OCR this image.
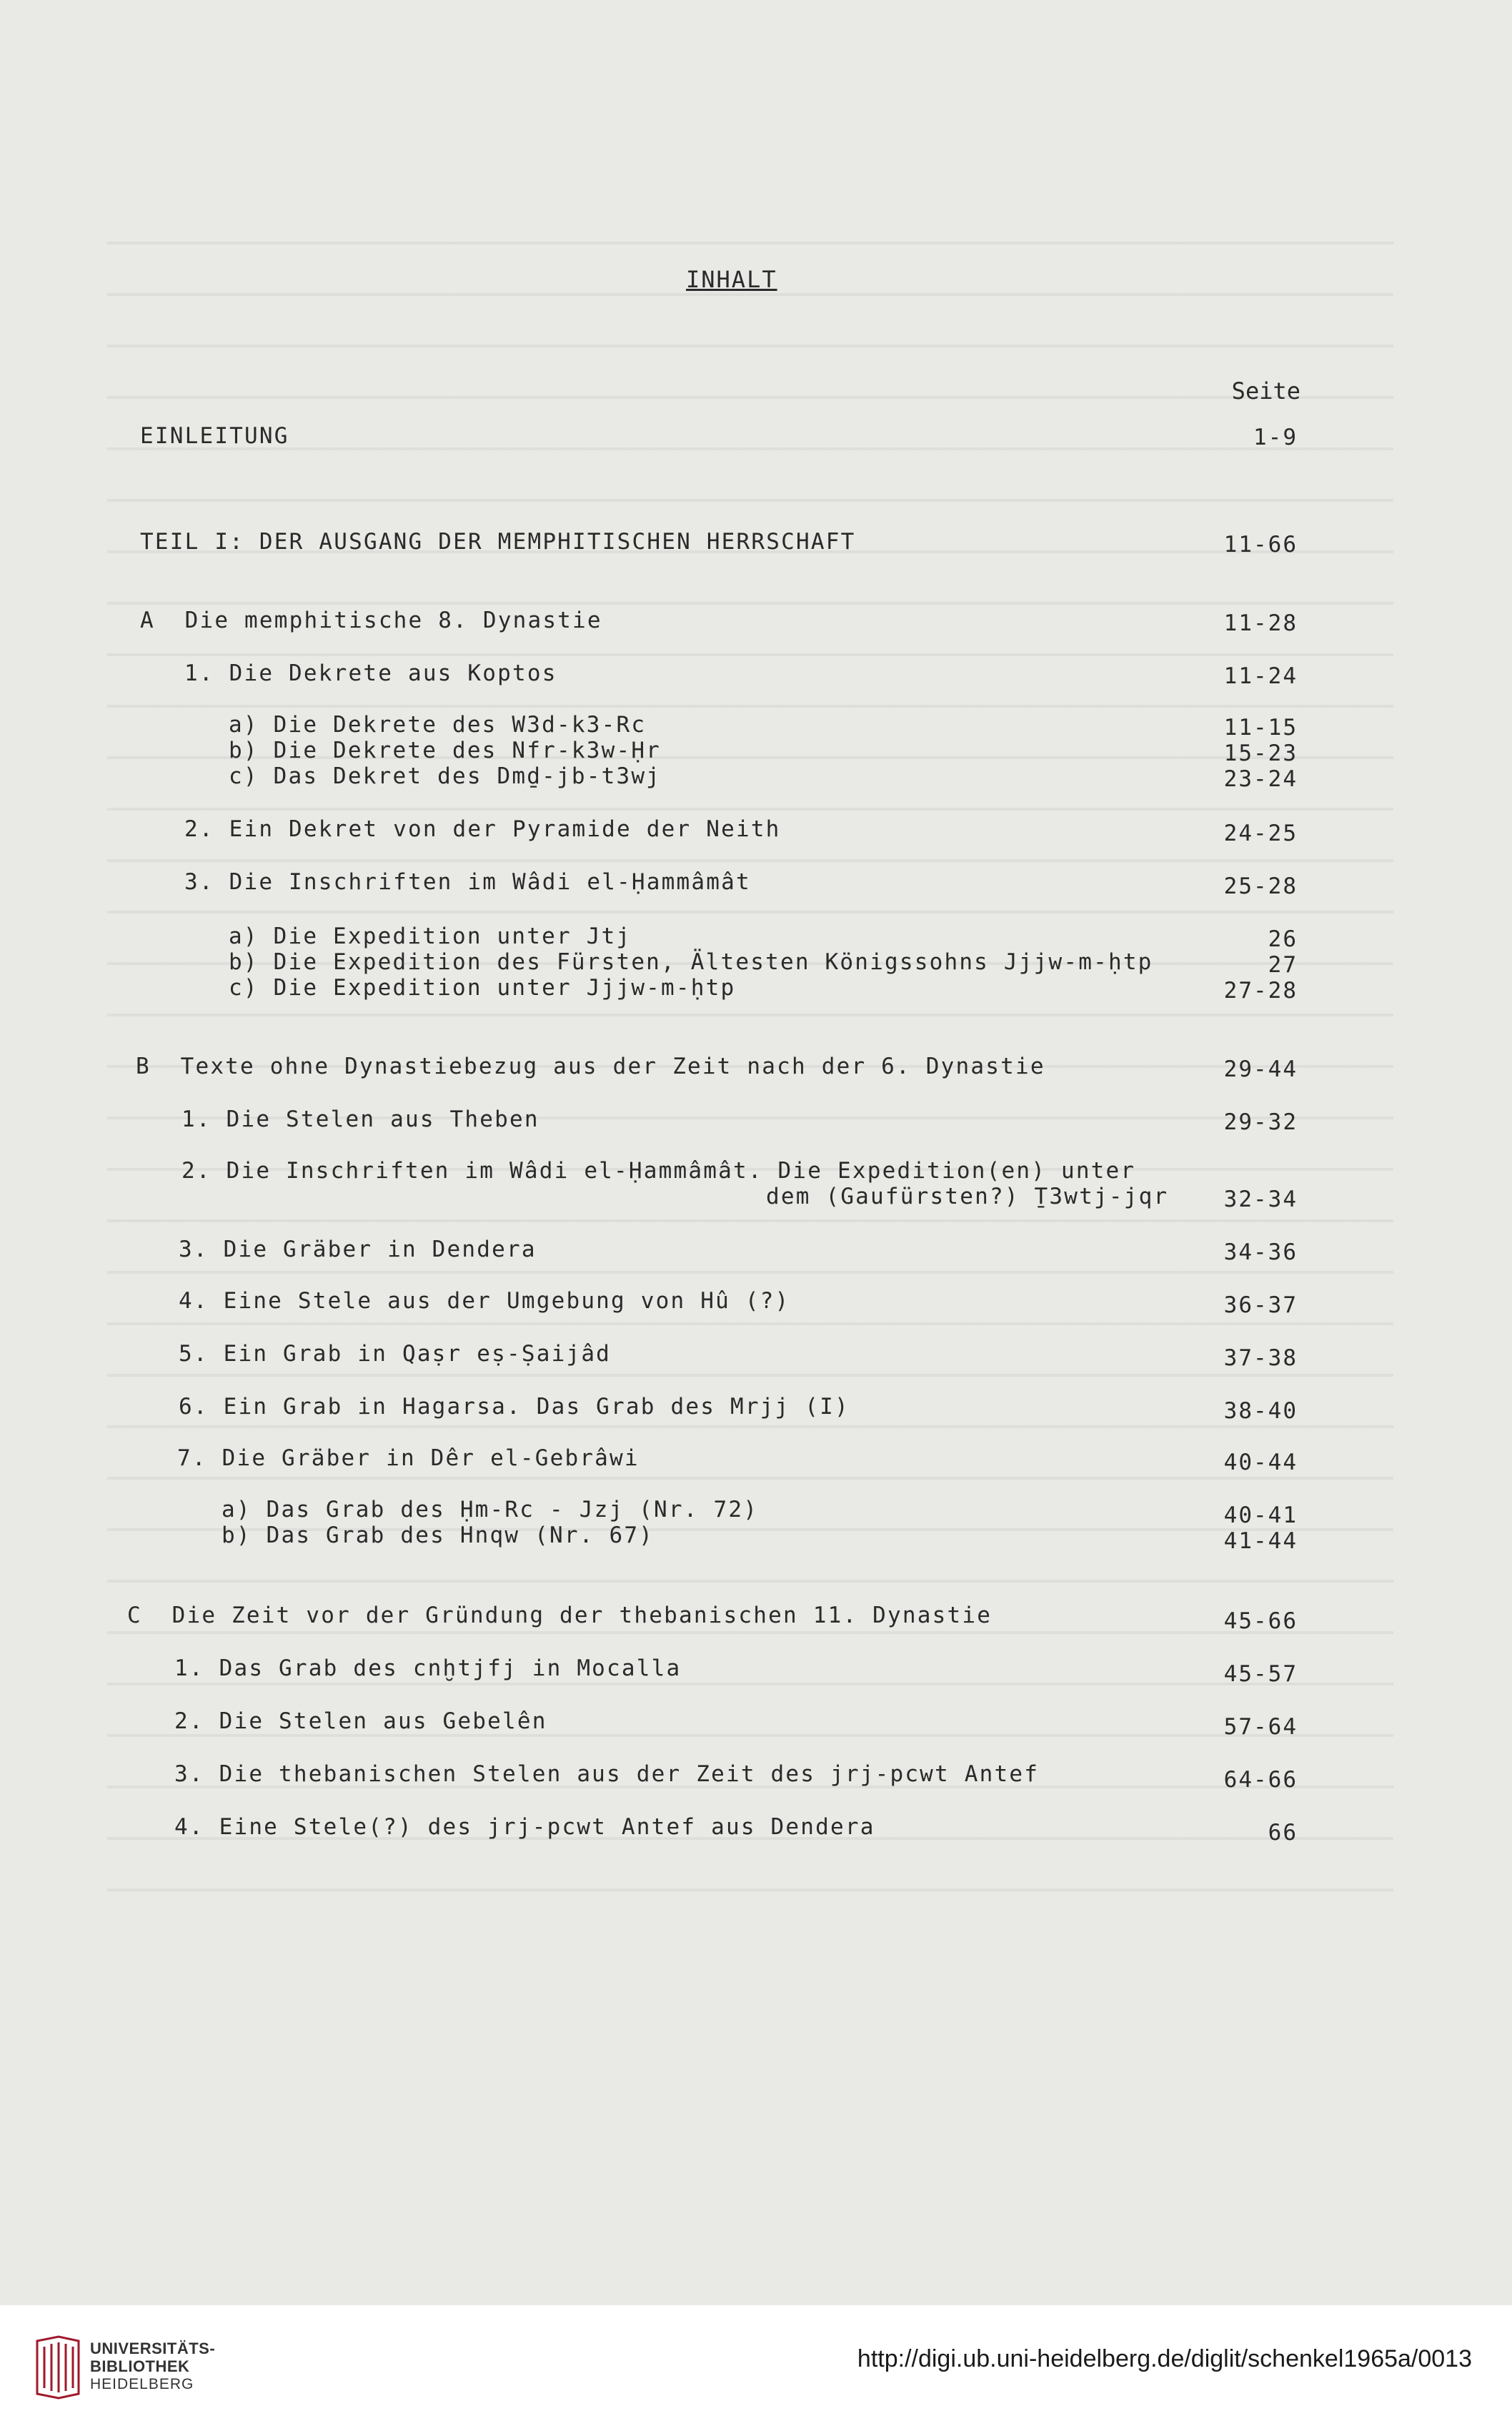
INHALT
Seite
EINLEITUNG	1-9
TEIL I: DER AUSGANG DER MEMPHITISCHEN HERRSCHAFT	11-66
A  Die memphitische 8. Dynastie	11-28
1. Die Dekrete aus Koptos	11-24
a) Die Dekrete des W3d-k3-Rc	11-15
b) Die Dekrete des Nfr-k3w-Ḥr	15-23
c) Das Dekret des Dmḏ-jb-t3wj	23-24
2. Ein Dekret von der Pyramide der Neith	24-25
3. Die Inschriften im Wâdi el-Ḥammâmât	25-28
a) Die Expedition unter Jtj	26
b) Die Expedition des Fürsten, Ältesten Königssohns Jjjw-m-ḥtp	27
c) Die Expedition unter Jjjw-m-ḥtp	27-28
B  Texte ohne Dynastiebezug aus der Zeit nach der 6. Dynastie	29-44
1. Die Stelen aus Theben	29-32
2. Die Inschriften im Wâdi el-Ḥammâmât. Die Expedition(en) unter
dem (Gaufürsten?) Ṯ3wtj-jqr 32-34
3. Die Gräber in Dendera	34-36
4. Eine Stele aus der Umgebung von Hû (?)	36-37
5. Ein Grab in Qaṣr eṣ-Ṣaijâd	37-38
6. Ein Grab in Hagarsa. Das Grab des Mrjj (I)	38-40
7. Die Gräber in Dêr el-Gebrâwi	40-44
a) Das Grab des Ḥm-Rc - Jzj (Nr. 72)	40-41
b) Das Grab des Hnqw (Nr. 67)	41-44
C  Die Zeit vor der Gründung der thebanischen 11. Dynastie	45-66
1. Das Grab des cnḫtjfj in Mocalla	45-57
2. Die Stelen aus Gebelên	57-64
3. Die thebanischen Stelen aus der Zeit des jrj-pcwt Antef	64-66
4. Eine Stele(?) des jrj-pcwt Antef aus Dendera	66
UNIVERSITÄTS-
BIBLIOTHEK
HEIDELBERG
http://digi.ub.uni-heidelberg.de/diglit/schenkel1965a/0013
